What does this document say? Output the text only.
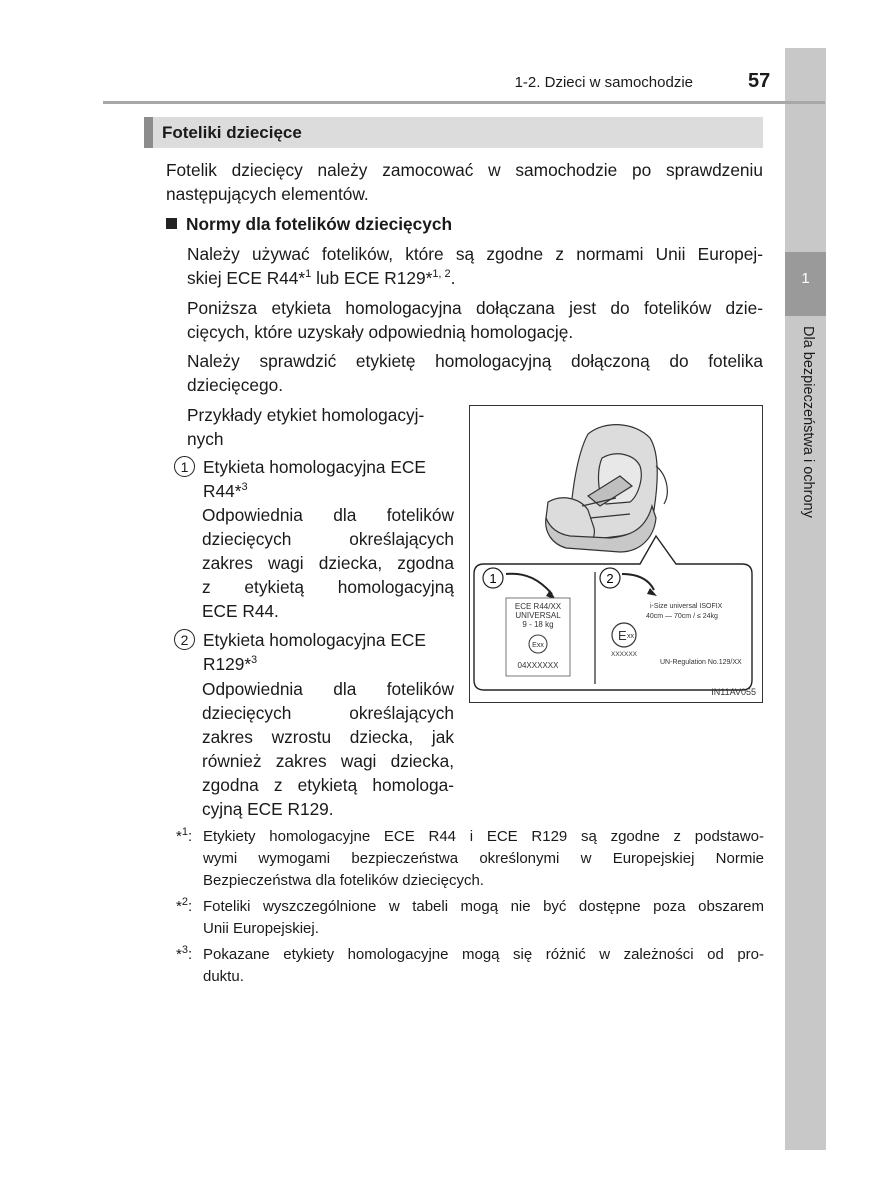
1
Dla bezpieczeństwa i ochrony
1-2. Dzieci w samochodzie	57
Foteliki dziecięce
Fotelik dziecięcy należy zamocować w samochodzie po sprawdzeniu
następujących elementów.
Normy dla fotelików dziecięcych
Należy używać fotelików, które są zgodne z normami Unii Europej-
skiej ECE R44*$^1$ lub ECE R129*$^{1, 2}$.
Poniższa etykieta homologacyjna dołączana jest do fotelików dzie-
cięcych, które uzyskały odpowiednią homologację.
Należy sprawdzić etykietę homologacyjną dołączoną do fotelika
dziecięcego.
Przykłady etykiet homologacyj-
nych
1 Etykieta homologacyjna ECE
R44*$^3$
Odpowiednia dla fotelików
dziecięcych określających
zakres wagi dziecka, zgodna
z etykietą homologacyjną
ECE R44.
2 Etykieta homologacyjna ECE
R129*$^3$
Odpowiednia dla fotelików
dziecięcych określających
zakres wzrostu dziecka, jak
również zakres wagi dziecka,
zgodna z etykietą homologa-
cyjną ECE R129.
1	2
ECE R44/XX
UNIVERSAL
9 - 18 kg
Exx
04XXXXXX
i-Size universal ISOFIX
40cm — 70cm / ≤ 24kg
E xx
XXXXXX
UN-Regulation No.129/XX
IN11AV055
*$^1$: Etykiety homologacyjne ECE R44 i ECE R129 są zgodne z podstawo-
wymi wymogami bezpieczeństwa określonymi w Europejskiej Normie
Bezpieczeństwa dla fotelików dziecięcych.
*$^2$: Foteliki wyszczególnione w tabeli mogą nie być dostępne poza obszarem
Unii Europejskiej.
*$^3$: Pokazane etykiety homologacyjne mogą się różnić w zależności od pro-
duktu.
